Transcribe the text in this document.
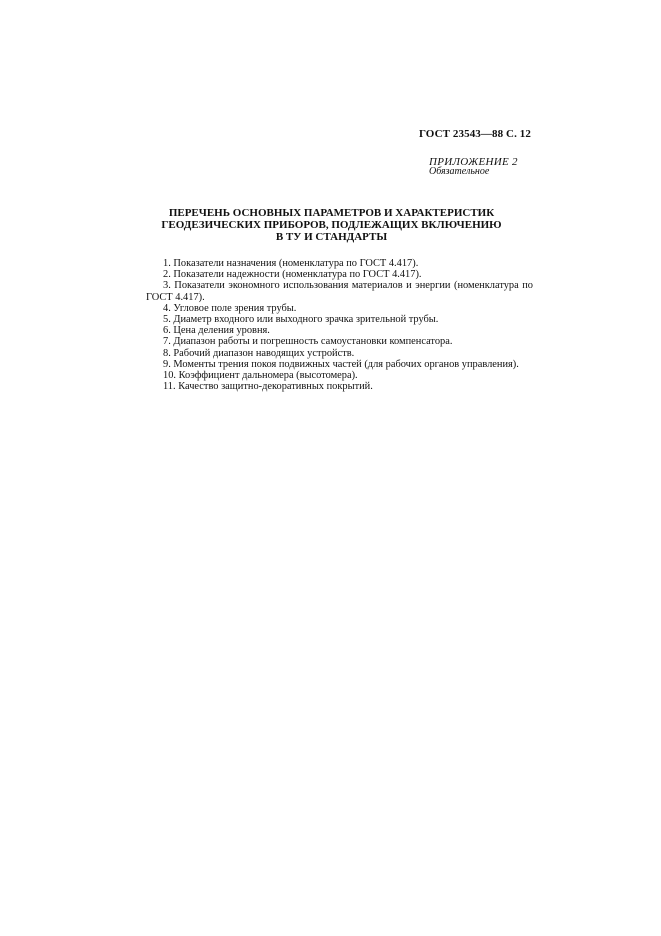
ГОСТ 23543—88 С. 12
ПРИЛОЖЕНИЕ 2
Обязательное
ПЕРЕЧЕНЬ ОСНОВНЫХ ПАРАМЕТРОВ И ХАРАКТЕРИСТИК
ГЕОДЕЗИЧЕСКИХ ПРИБОРОВ, ПОДЛЕЖАЩИХ ВКЛЮЧЕНИЮ
В ТУ И СТАНДАРТЫ
1. Показатели назначения (номенклатура по ГОСТ 4.417).
2. Показатели надежности (номенклатура по ГОСТ 4.417).
3. Показатели экономного использования материалов и энергии (номенклатура по ГОСТ 4.417).
4. Угловое поле зрения трубы.
5. Диаметр входного или выходного зрачка зрительной трубы.
6. Цена деления уровня.
7. Диапазон работы и погрешность самоустановки компенсатора.
8. Рабочий диапазон наводящих устройств.
9. Моменты трения покоя подвижных частей (для рабочих органов управления).
10. Коэффициент дальномера (высотомера).
11. Качество защитно-декоративных покрытий.
